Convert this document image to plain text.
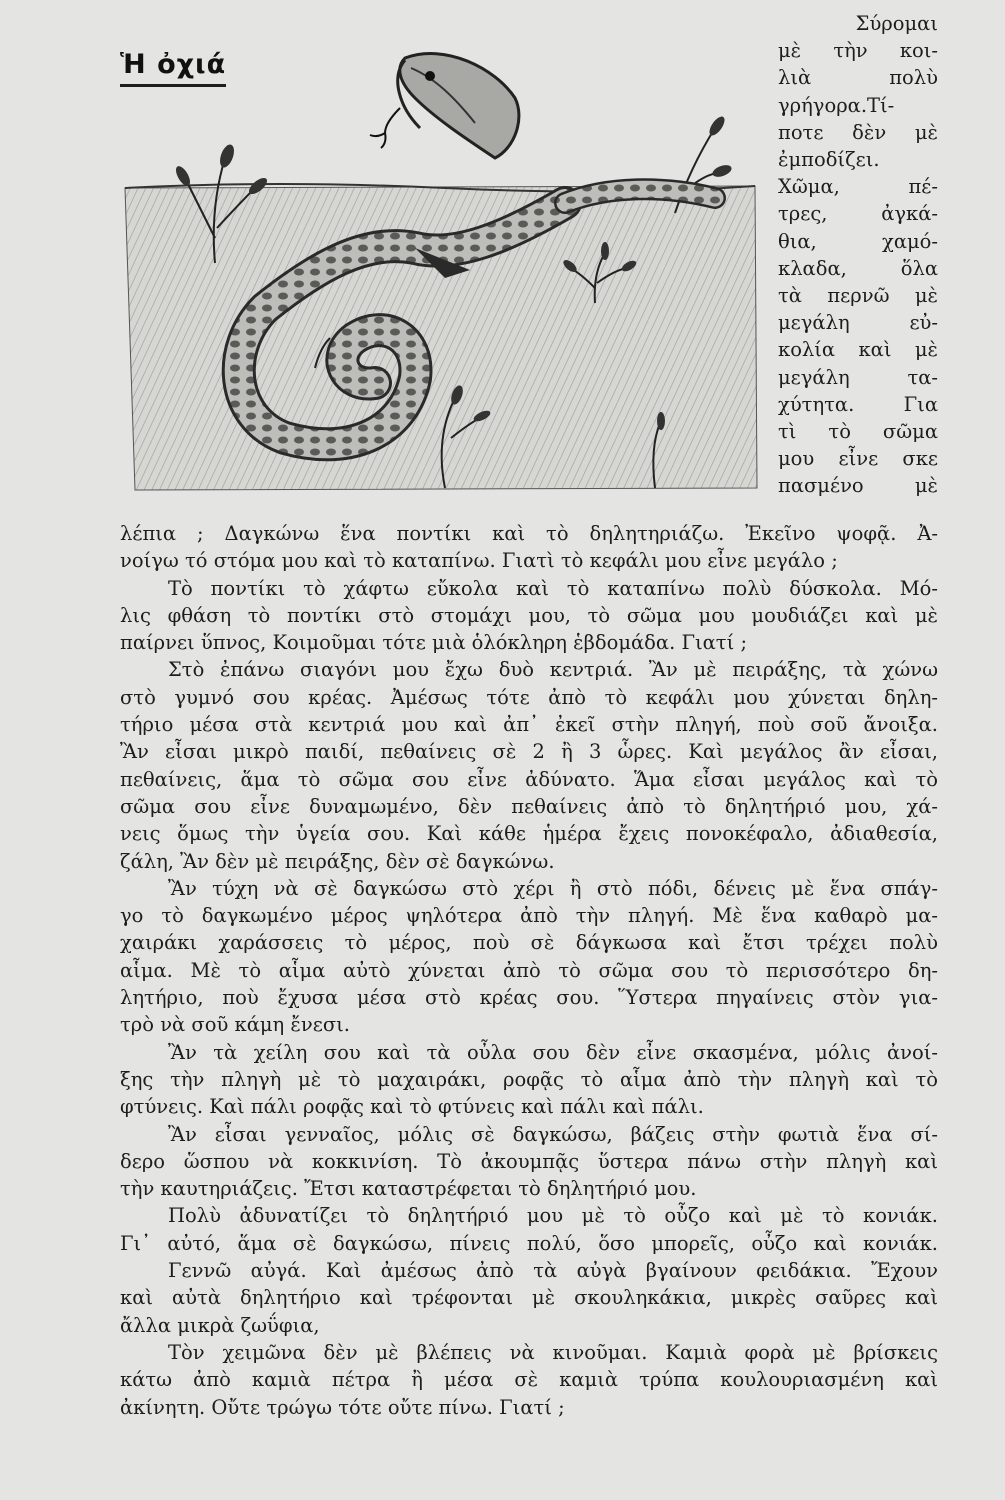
Ἡ ὀχιά
Σύρομαι
μὲ τὴν κοι-
λιὰ πολὺ
γρήγορα.Τί-
ποτε δὲν μὲ
ἐμποδίζει.
Χῶμα, πέ-
τρες, ἀγκά-
θια, χαμό-
κλαδα, ὅλα
τὰ περνῶ μὲ
μεγάλη εὐ-
κολία καὶ μὲ
μεγάλη τα-
χύτητα. Για
τὶ τὸ σῶμα
μου εἶνε σκε
πασμένο μὲ
λέπια ; Δαγκώνω ἕνα ποντίκι καὶ τὸ δηλητηριάζω. Ἐκεῖνο ψοφᾷ. Ἀ-
νοίγω τό στόμα μου καὶ τὸ καταπίνω. Γιατὶ τὸ κεφάλι μου εἶνε μεγάλο ;
Τὸ ποντίκι τὸ χάφτω εὔκολα καὶ τὸ καταπίνω πολὺ δύσκολα. Μό-
λις φθάση τὸ ποντίκι στὸ στομάχι μου, τὸ σῶμα μου μουδιάζει καὶ μὲ
παίρνει ὕπνος, Κοιμοῦμαι τότε μιὰ ὁλόκληρη ἑβδομάδα. Γιατί ;
Στὸ ἐπάνω σιαγόνι μου ἔχω δυὸ κεντριά. Ἂν μὲ πειράξης, τὰ χώνω
στὸ γυμνό σου κρέας. Ἀμέσως τότε ἀπὸ τὸ κεφάλι μου χύνεται δηλη-
τήριο μέσα στὰ κεντριά μου καὶ ἀπ᾿ ἐκεῖ στὴν πληγή, ποὺ σοῦ ἄνοιξα.
Ἂν εἶσαι μικρὸ παιδί, πεθαίνεις σὲ 2 ἢ 3 ὧρες. Καὶ μεγάλος ἂν εἶσαι,
πεθαίνεις, ἅμα τὸ σῶμα σου εἶνε ἀδύνατο. Ἅμα εἶσαι μεγάλος καὶ τὸ
σῶμα σου εἶνε δυναμωμένο, δὲν πεθαίνεις ἀπὸ τὸ δηλητήριό μου, χά-
νεις ὅμως τὴν ὑγεία σου. Καὶ κάθε ἡμέρα ἔχεις πονοκέφαλο, ἀδιαθεσία,
ζάλη, Ἂν δὲν μὲ πειράξης, δὲν σὲ δαγκώνω.
Ἂν τύχη νὰ σὲ δαγκώσω στὸ χέρι ἢ στὸ πόδι, δένεις μὲ ἕνα σπάγ-
γο τὸ δαγκωμένο μέρος ψηλότερα ἀπὸ τὴν πληγή. Μὲ ἕνα καθαρὸ μα-
χαιράκι χαράσσεις τὸ μέρος, ποὺ σὲ δάγκωσα καὶ ἔτσι τρέχει πολὺ
αἷμα. Μὲ τὸ αἷμα αὐτὸ χύνεται ἀπὸ τὸ σῶμα σου τὸ περισσότερο δη-
λητήριο, ποὺ ἔχυσα μέσα στὸ κρέας σου. Ὕστερα πηγαίνεις στὸν για-
τρὸ νὰ σοῦ κάμη ἔνεσι.
Ἂν τὰ χείλη σου καὶ τὰ οὖλα σου δὲν εἶνε σκασμένα, μόλις ἀνοί-
ξης τὴν πληγὴ μὲ τὸ μαχαιράκι, ροφᾷς τὸ αἷμα ἀπὸ τὴν πληγὴ καὶ τὸ
φτύνεις. Καὶ πάλι ροφᾷς καὶ τὸ φτύνεις καὶ πάλι καὶ πάλι.
Ἂν εἶσαι γενναῖος, μόλις σὲ δαγκώσω, βάζεις στὴν φωτιὰ ἕνα σί-
δερο ὥσπου νὰ κοκκινίση. Τὸ ἀκουμπᾷς ὕστερα πάνω στὴν πληγὴ καὶ
τὴν καυτηριάζεις. Ἔτσι καταστρέφεται τὸ δηλητήριό μου.
Πολὺ ἀδυνατίζει τὸ δηλητήριό μου μὲ τὸ οὖζο καὶ μὲ τὸ κονιάκ.
Γι᾿ αὐτό, ἅμα σὲ δαγκώσω, πίνεις πολύ, ὅσο μπορεῖς, οὖζο καὶ κονιάκ.
Γεννῶ αὐγά. Καὶ ἀμέσως ἀπὸ τὰ αὐγὰ βγαίνουν φειδάκια. Ἔχουν
καὶ αὐτὰ δηλητήριο καὶ τρέφονται μὲ σκουληκάκια, μικρὲς σαῦρες καὶ
ἄλλα μικρὰ ζωΰφια,
Τὸν χειμῶνα δὲν μὲ βλέπεις νὰ κινοῦμαι. Καμιὰ φορὰ μὲ βρίσκεις
κάτω ἀπὸ καμιὰ πέτρα ἢ μέσα σὲ καμιὰ τρύπα κουλουριασμένη καὶ
ἀκίνητη. Οὔτε τρώγω τότε οὔτε πίνω. Γιατί ;
